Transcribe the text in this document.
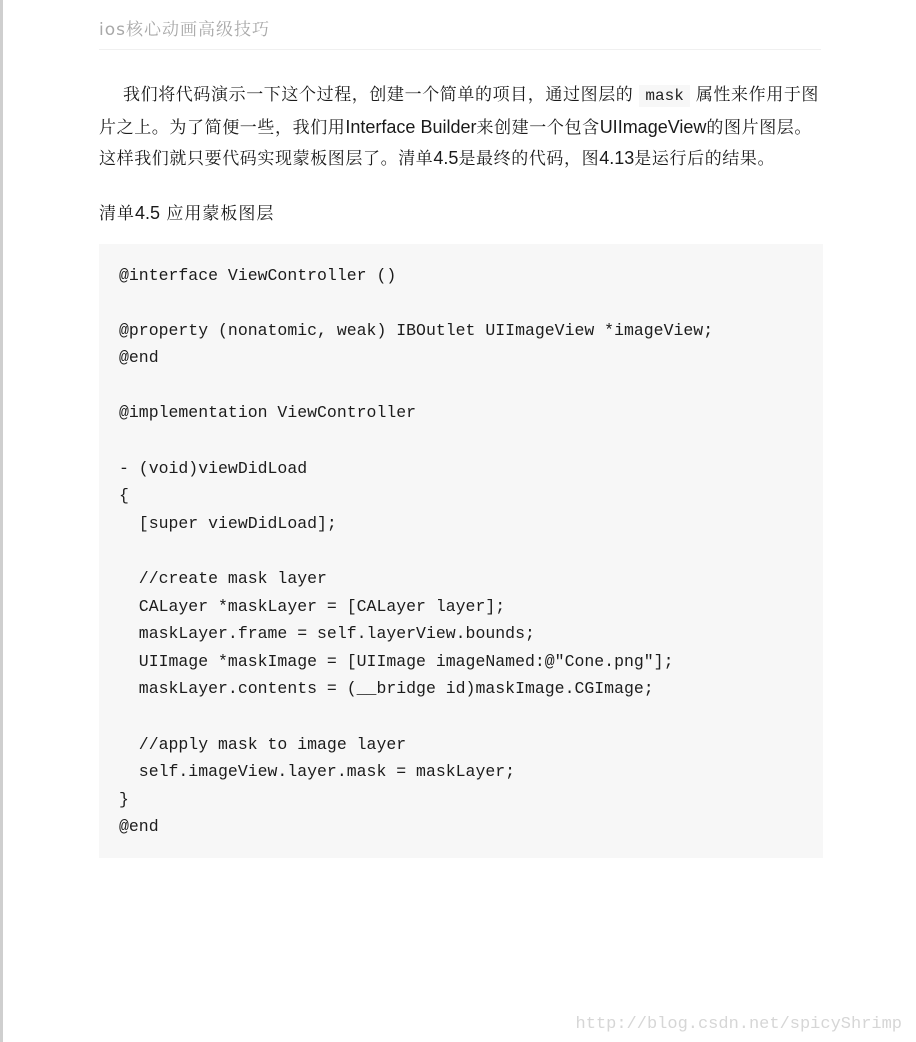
ios核心动画高级技巧

我们将代码演示一下这个过程，创建一个简单的项目，通过图层的 mask 属性来作用于图片之上。为了简便一些，我们用Interface Builder来创建一个包含UIImageView的图片图层。这样我们就只要代码实现蒙板图层了。清单4.5是最终的代码，图4.13是运行后的结果。

清单4.5 应用蒙板图层
@interface ViewController ()
@property (nonatomic, weak) IBOutlet UIImageView *imageView;
@end
@implementation ViewController
- (void)viewDidLoad
{
[super viewDidLoad];
//create mask layer
CALayer *maskLayer = [CALayer layer];
maskLayer.frame = self.layerView.bounds;
UIImage *maskImage = [UIImage imageNamed:@"Cone.png"];
maskLayer.contents = (__bridge id)maskImage.CGImage;
//apply mask to image layer
self.imageView.layer.mask = maskLayer;
}
@end
http://blog.csdn.net/spicyShrimp
